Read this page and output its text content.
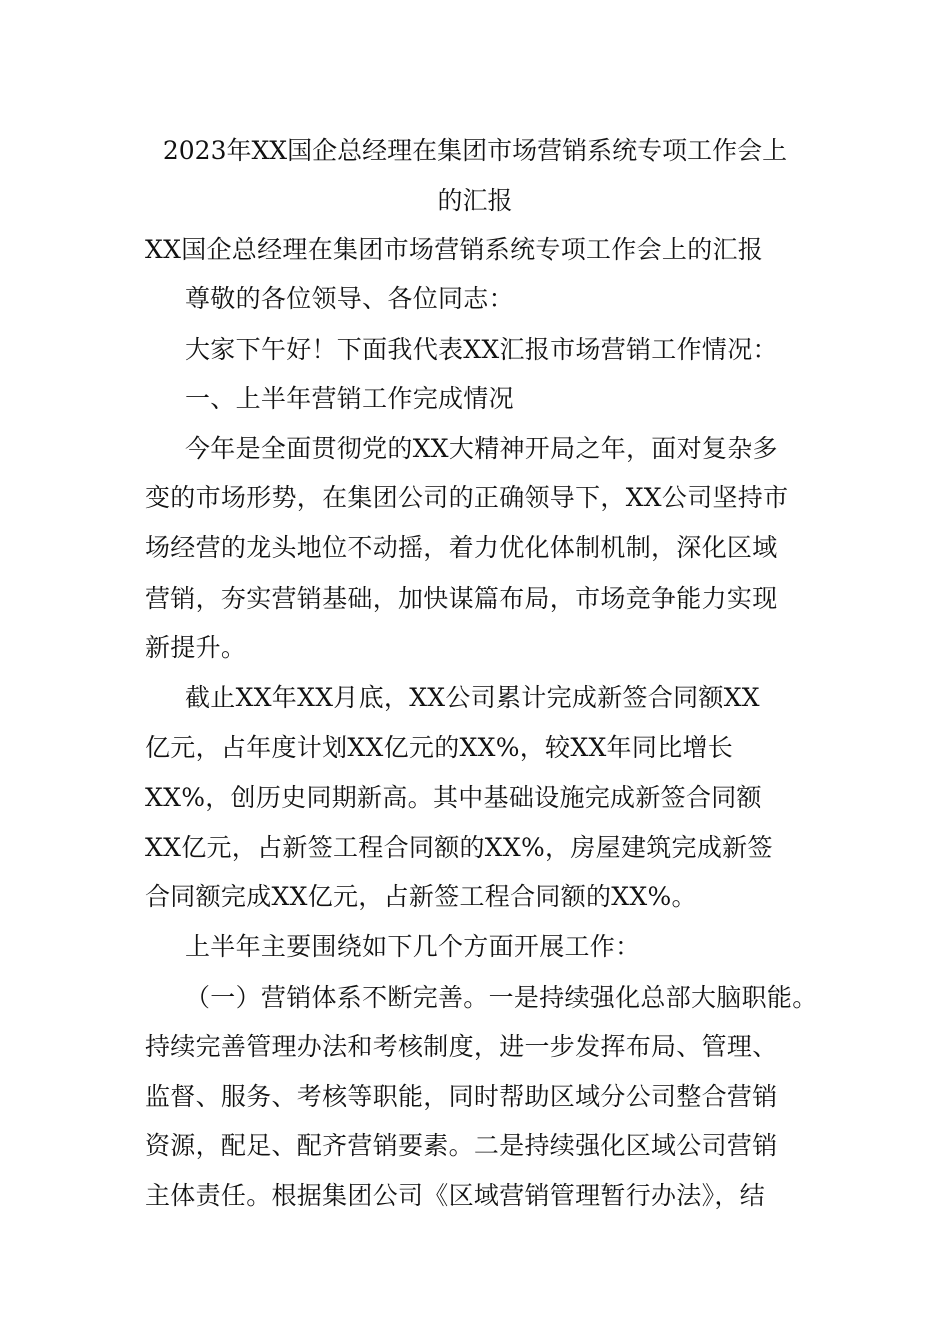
2023年XX国企总经理在集团市场营销系统专项工作会上
的汇报
XX国企总经理在集团市场营销系统专项工作会上的汇报
尊敬的各位领导、各位同志：
大家下午好！下面我代表XX汇报市场营销工作情况：
一、上半年营销工作完成情况
今年是全面贯彻党的XX大精神开局之年，面对复杂多
变的市场形势，在集团公司的正确领导下，XX公司坚持市
场经营的龙头地位不动摇，着力优化体制机制，深化区域
营销，夯实营销基础，加快谋篇布局，市场竞争能力实现
新提升。
截止XX年XX月底，XX公司累计完成新签合同额XX
亿元，占年度计划XX亿元的XX%，较XX年同比增长
XX%，创历史同期新高。其中基础设施完成新签合同额
XX亿元，占新签工程合同额的XX%，房屋建筑完成新签
合同额完成XX亿元，占新签工程合同额的XX%。
上半年主要围绕如下几个方面开展工作：
（一）营销体系不断完善。一是持续强化总部大脑职能。
持续完善管理办法和考核制度，进一步发挥布局、管理、
监督、服务、考核等职能，同时帮助区域分公司整合营销
资源，配足、配齐营销要素。二是持续强化区域公司营销
主体责任。根据集团公司《区域营销管理暂行办法》，结
